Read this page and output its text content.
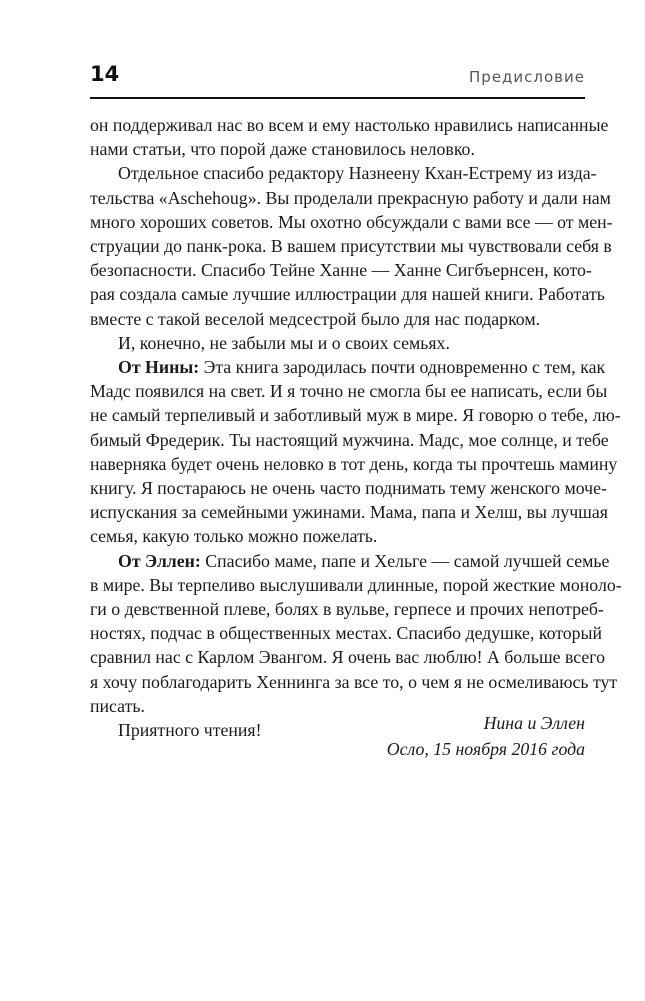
14	Предисловие
он поддерживал нас во всем и ему настолько нравились написанные
нами статьи, что порой даже становилось неловко.
Отдельное спасибо редактору Назнеену Кхан-Естрему из изда-
тельства «Aschehoug». Вы проделали прекрасную работу и дали нам
много хороших советов. Мы охотно обсуждали с вами все — от мен-
струации до панк-рока. В вашем присутствии мы чувствовали себя в
безопасности. Спасибо Тейне Ханне — Ханне Сигбъернсен, кото-
рая создала самые лучшие иллюстрации для нашей книги. Работать
вместе с такой веселой медсестрой было для нас подарком.
И, конечно, не забыли мы и о своих семьях.
От Нины: Эта книга зародилась почти одновременно с тем, как
Мадс появился на свет. И я точно не смогла бы ее написать, если бы
не самый терпеливый и заботливый муж в мире. Я говорю о тебе, лю-
бимый Фредерик. Ты настоящий мужчина. Мадс, мое солнце, и тебе
наверняка будет очень неловко в тот день, когда ты прочтешь мамину
книгу. Я постараюсь не очень часто поднимать тему женского моче-
испускания за семейными ужинами. Мама, папа и Хелш, вы лучшая
семья, какую только можно пожелать.
От Эллен: Спасибо маме, папе и Хельге — самой лучшей семье
в мире. Вы терпеливо выслушивали длинные, порой жесткие моноло-
ги о девственной плеве, болях в вульве, герпесе и прочих непотреб-
ностях, подчас в общественных местах. Спасибо дедушке, который
сравнил нас с Карлом Эвангом. Я очень вас люблю! А больше всего
я хочу поблагодарить Хеннинга за все то, о чем я не осмеливаюсь тут
писать.
Приятного чтения!	Нина и Эллен
Осло, 15 ноября 2016 года
